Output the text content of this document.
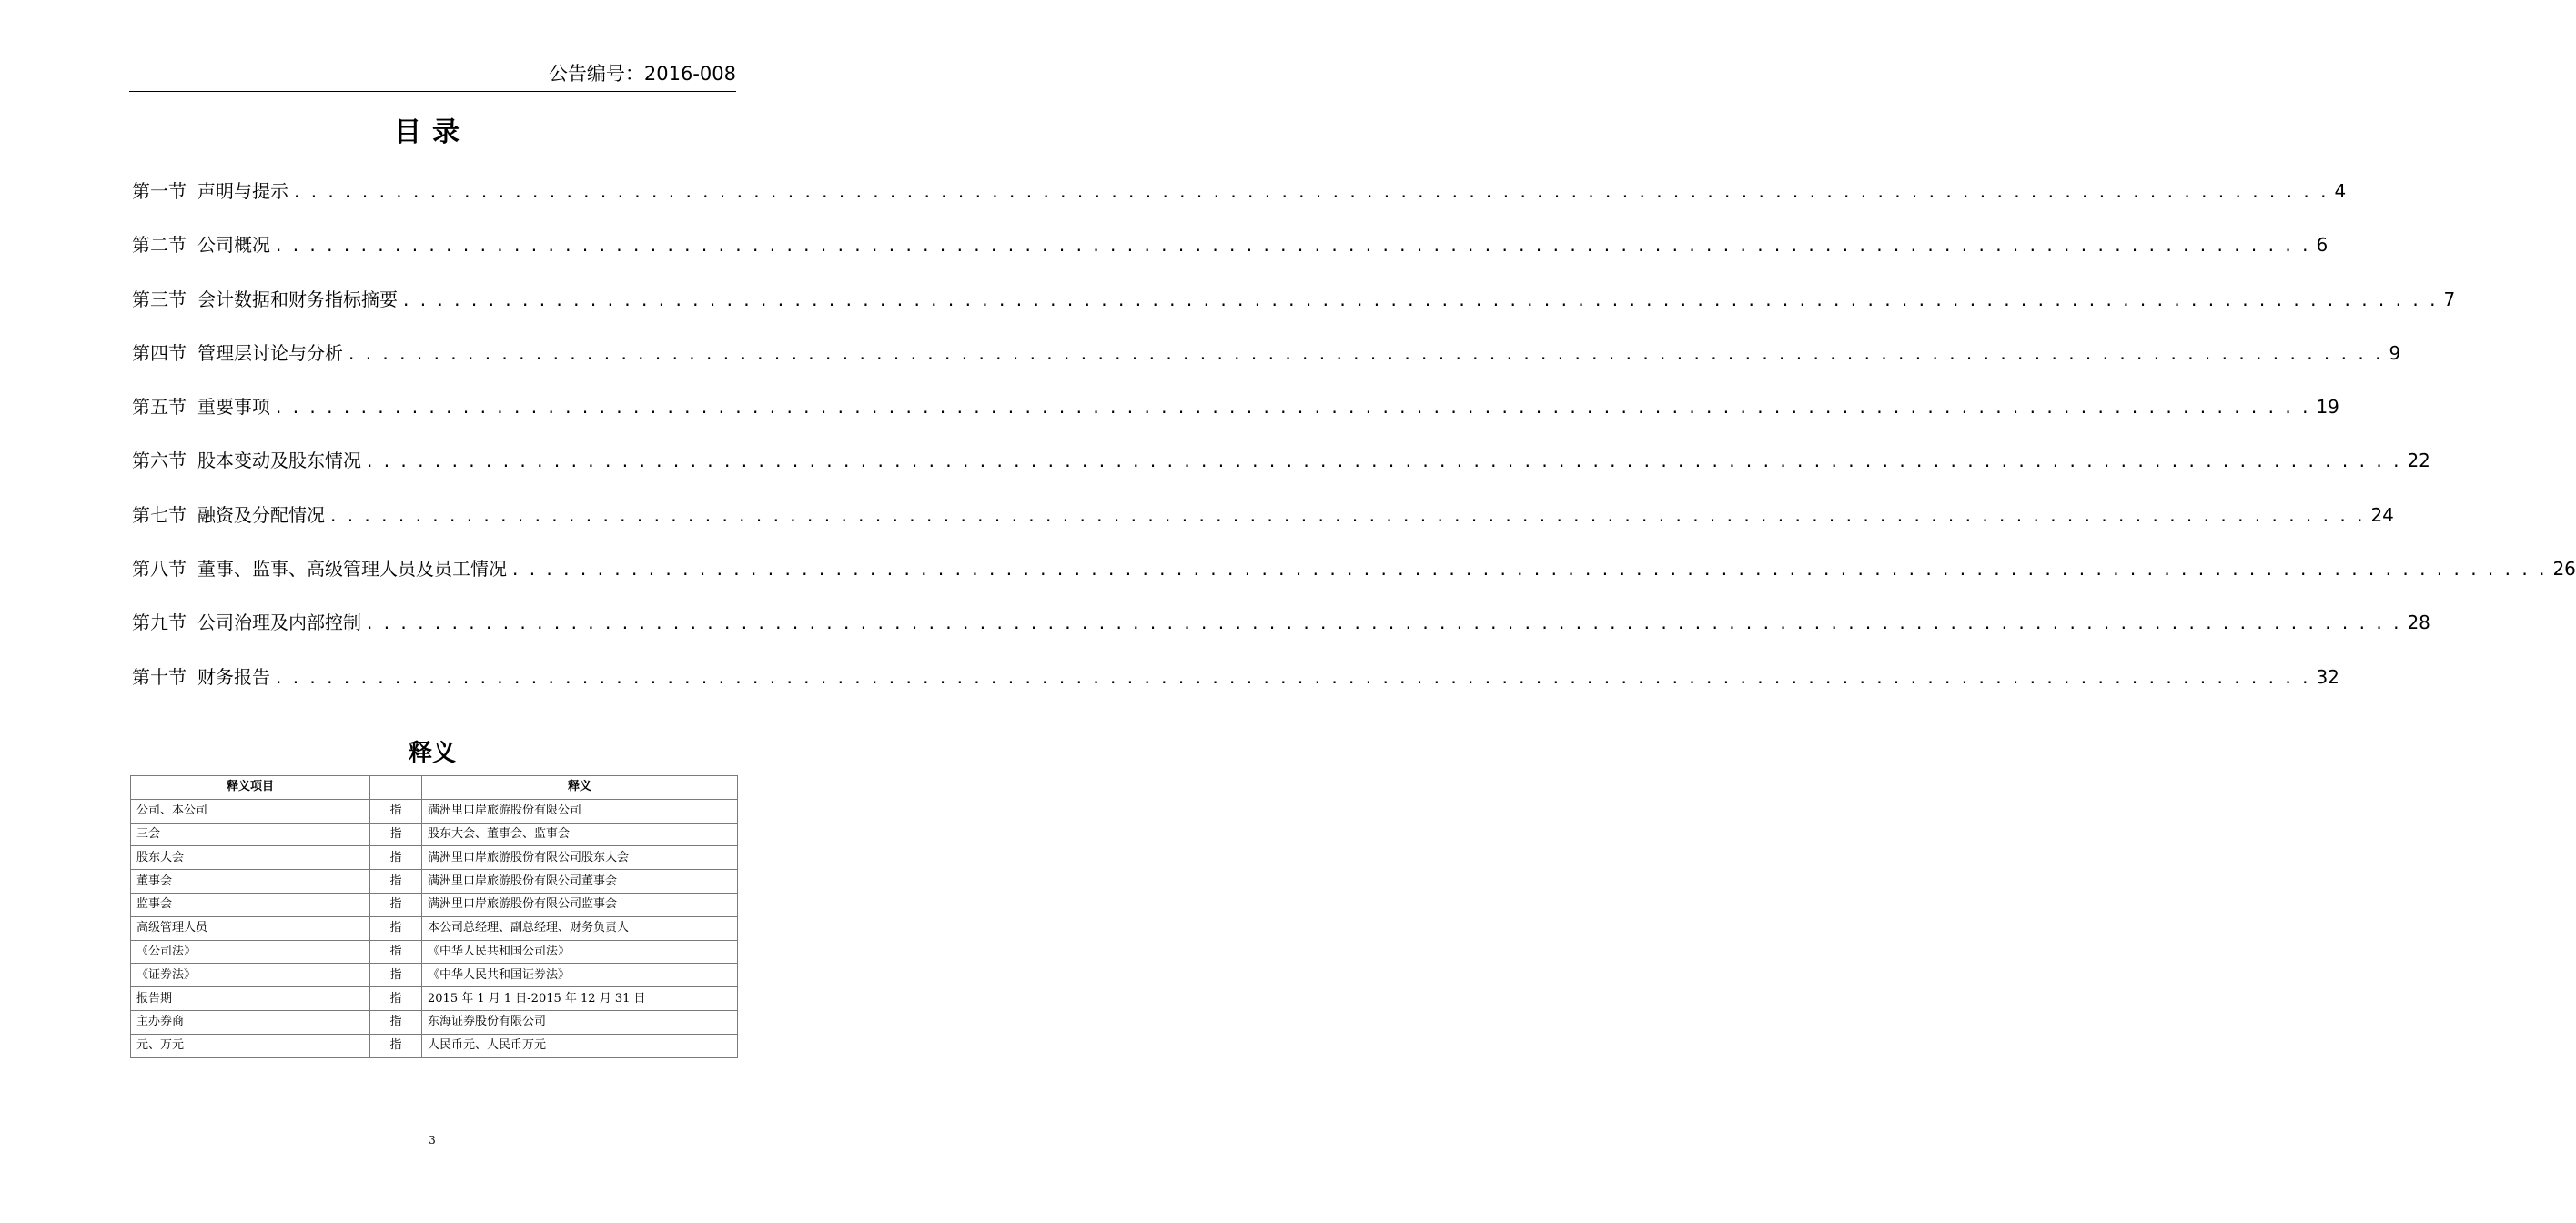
公告编号：2016-008
目录
第一节 声明与提示 . . . . . . . . . . . . . . . . . . . . . . . . . . . . . . . . . . . . . . . . . . . . . . . . . . . . . . . . . . . . . . . . . . . . . . . . . . . . . . . . . . . . . . . . . . . . . . . . . . . . . . . . . . . . . . . . . . . . . . . . 4
第二节 公司概况 . . . . . . . . . . . . . . . . . . . . . . . . . . . . . . . . . . . . . . . . . . . . . . . . . . . . . . . . . . . . . . . . . . . . . . . . . . . . . . . . . . . . . . . . . . . . . . . . . . . . . . . . . . . . . . . . . . . . . . . . 6
第三节 会计数据和财务指标摘要 . . . . . . . . . . . . . . . . . . . . . . . . . . . . . . . . . . . . . . . . . . . . . . . . . . . . . . . . . . . . . . . . . . . . . . . . . . . . . . . . . . . . . . . . . . . . . . . . . . . . . . . . . . . . . . . . . . . . . . . . 7
第四节 管理层讨论与分析 . . . . . . . . . . . . . . . . . . . . . . . . . . . . . . . . . . . . . . . . . . . . . . . . . . . . . . . . . . . . . . . . . . . . . . . . . . . . . . . . . . . . . . . . . . . . . . . . . . . . . . . . . . . . . . . . . . . . . . . . 9
第五节 重要事项 . . . . . . . . . . . . . . . . . . . . . . . . . . . . . . . . . . . . . . . . . . . . . . . . . . . . . . . . . . . . . . . . . . . . . . . . . . . . . . . . . . . . . . . . . . . . . . . . . . . . . . . . . . . . . . . . . . . . . . . . 19
第六节 股本变动及股东情况 . . . . . . . . . . . . . . . . . . . . . . . . . . . . . . . . . . . . . . . . . . . . . . . . . . . . . . . . . . . . . . . . . . . . . . . . . . . . . . . . . . . . . . . . . . . . . . . . . . . . . . . . . . . . . . . . . . . . . . . . 22
第七节 融资及分配情况 . . . . . . . . . . . . . . . . . . . . . . . . . . . . . . . . . . . . . . . . . . . . . . . . . . . . . . . . . . . . . . . . . . . . . . . . . . . . . . . . . . . . . . . . . . . . . . . . . . . . . . . . . . . . . . . . . . . . . . . . 24
第八节 董事、监事、高级管理人员及员工情况 . . . . . . . . . . . . . . . . . . . . . . . . . . . . . . . . . . . . . . . . . . . . . . . . . . . . . . . . . . . . . . . . . . . . . . . . . . . . . . . . . . . . . . . . . . . . . . . . . . . . . . . . . . . . . . . . . . . . . . . . 26
第九节 公司治理及内部控制 . . . . . . . . . . . . . . . . . . . . . . . . . . . . . . . . . . . . . . . . . . . . . . . . . . . . . . . . . . . . . . . . . . . . . . . . . . . . . . . . . . . . . . . . . . . . . . . . . . . . . . . . . . . . . . . . . . . . . . . . 28
第十节 财务报告 . . . . . . . . . . . . . . . . . . . . . . . . . . . . . . . . . . . . . . . . . . . . . . . . . . . . . . . . . . . . . . . . . . . . . . . . . . . . . . . . . . . . . . . . . . . . . . . . . . . . . . . . . . . . . . . . . . . . . . . . 32
释义
释义项目		释义
公司、本公司	指	满洲里口岸旅游股份有限公司
三会	指	股东大会、董事会、监事会
股东大会	指	满洲里口岸旅游股份有限公司股东大会
董事会	指	满洲里口岸旅游股份有限公司董事会
监事会	指	满洲里口岸旅游股份有限公司监事会
高级管理人员	指	本公司总经理、副总经理、财务负责人
《公司法》	指	《中华人民共和国公司法》
《证券法》	指	《中华人民共和国证券法》
报告期	指	2015 年 1 月 1 日-2015 年 12 月 31 日
主办券商	指	东海证券股份有限公司
元、万元	指	人民币元、人民币万元
3
